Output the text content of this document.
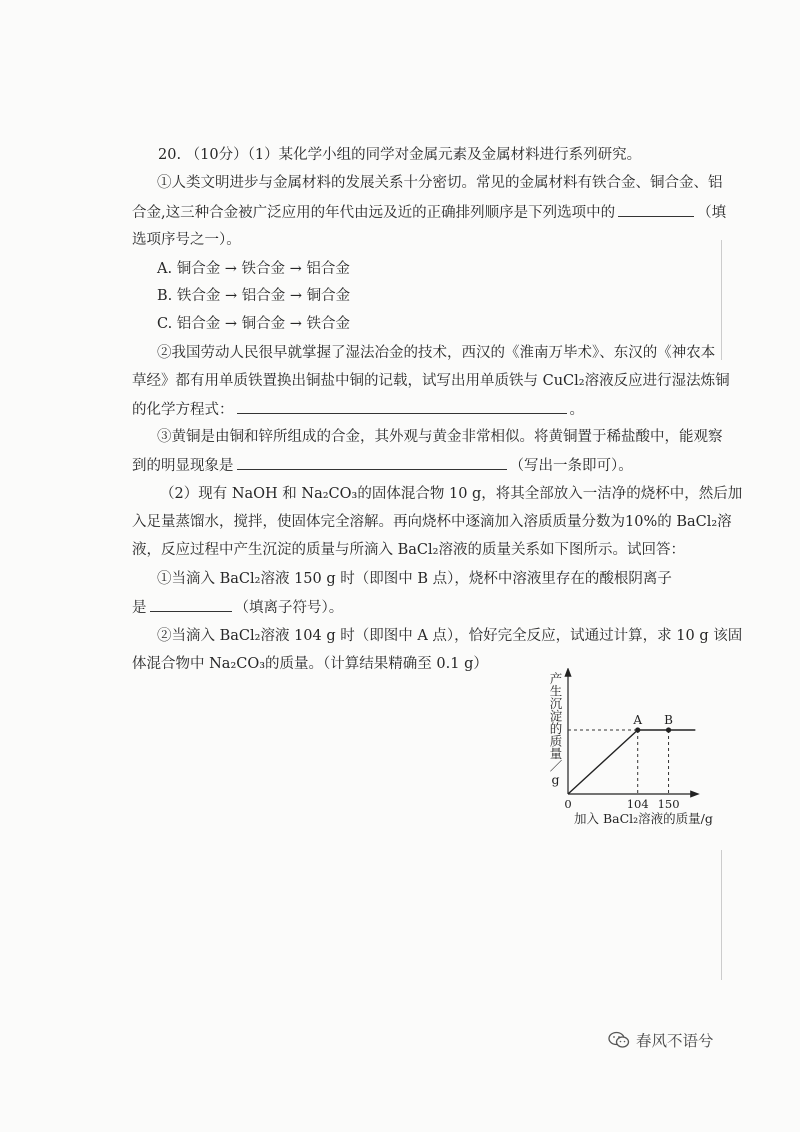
20. （10分）（1）某化学小组的同学对金属元素及金属材料进行系列研究。
①人类文明进步与金属材料的发展关系十分密切。常见的金属材料有铁合金、铜合金、铝
合金,这三种合金被广泛应用的年代由远及近的正确排列顺序是下列选项中的	（填
选项序号之一）。
A. 铜合金 → 铁合金 → 铝合金
B. 铁合金 → 铝合金 → 铜合金
C. 铝合金 → 铜合金 → 铁合金
②我国劳动人民很早就掌握了湿法冶金的技术，西汉的《淮南万毕术》、东汉的《神农本
草经》都有用单质铁置换出铜盐中铜的记载，试写出用单质铁与 CuCl₂溶液反应进行湿法炼铜
的化学方程式：	。
③黄铜是由铜和锌所组成的合金，其外观与黄金非常相似。将黄铜置于稀盐酸中，能观察
到的明显现象是	（写出一条即可）。
（2）现有 NaOH 和 Na₂CO₃的固体混合物 10 g，将其全部放入一洁净的烧杯中，然后加
入足量蒸馏水，搅拌，使固体完全溶解。再向烧杯中逐滴加入溶质质量分数为10%的 BaCl₂溶
液，反应过程中产生沉淀的质量与所滴入 BaCl₂溶液的质量关系如下图所示。试回答：
①当滴入 BaCl₂溶液 150 g 时（即图中 B 点），烧杯中溶液里存在的酸根阴离子
是	（填离子符号）。
②当滴入 BaCl₂溶液 104 g 时（即图中 A 点），恰好完全反应，试通过计算，求 10 g 该固
体混合物中 Na₂CO₃的质量。（计算结果精确至 0.1 g）
产生沉淀的质量／g	A B
0	104 150
加入 BaCl₂溶液的质量/g
春风不语兮
